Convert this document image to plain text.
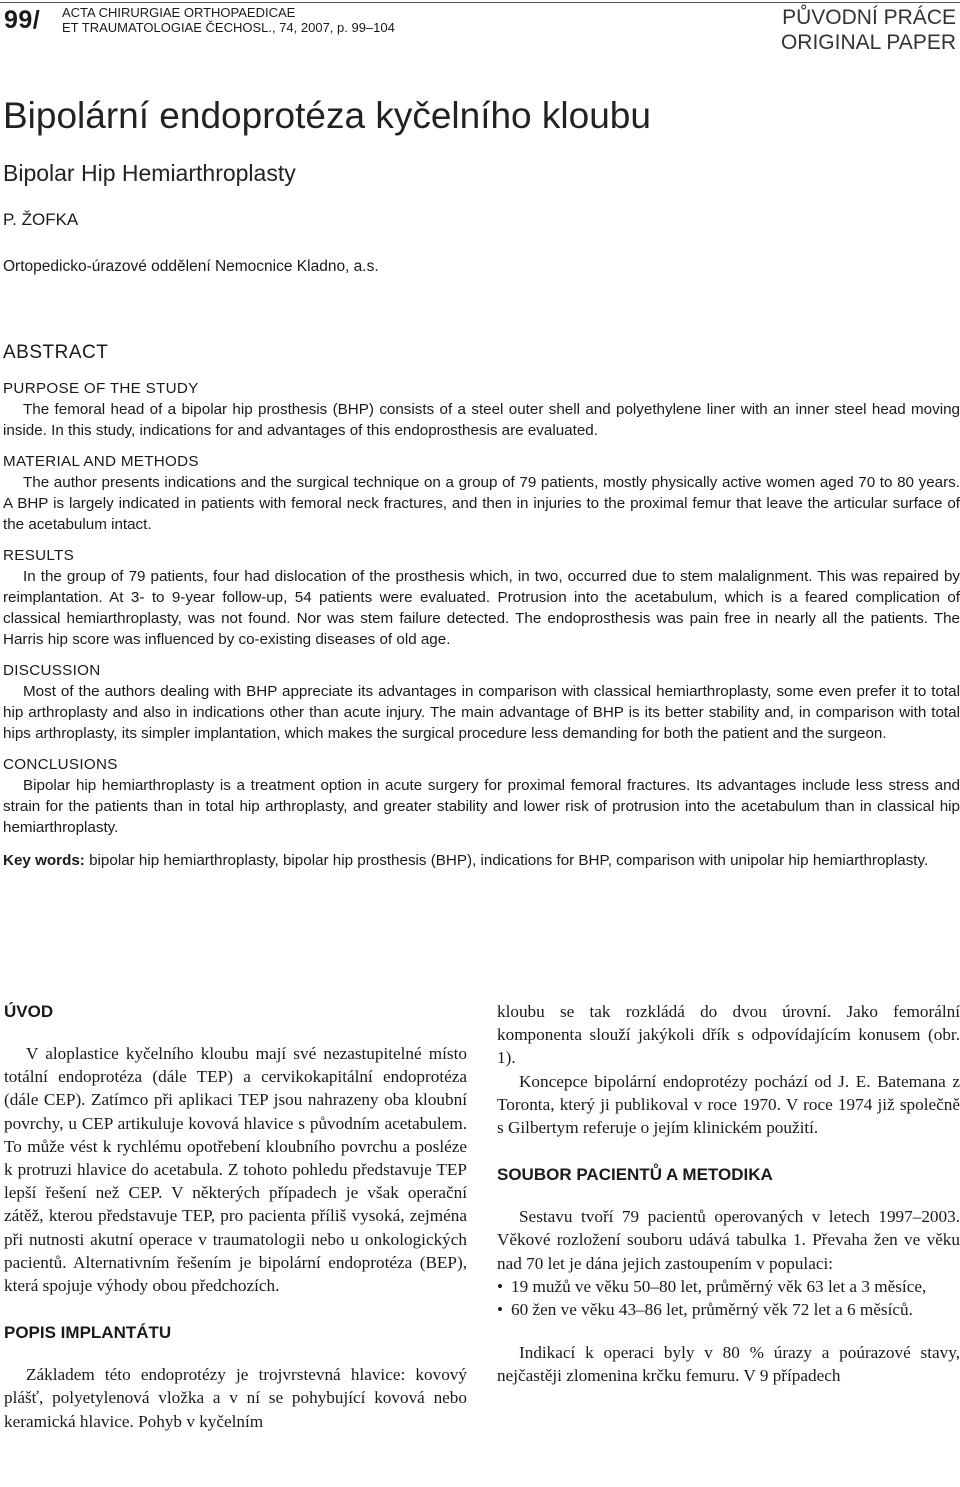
99/ ACTA CHIRURGIAE ORTHOPAEDICAE
ET TRAUMATOLOGIAE ČECHOSL., 74, 2007, p. 99–104	PŮVODNÍ PRÁCE
ORIGINAL PAPER
Bipolární endoprotéza kyčelního kloubu
Bipolar Hip Hemiarthroplasty
P. ŽOFKA
Ortopedicko-úrazové oddělení Nemocnice Kladno, a.s.
ABSTRACT
PURPOSE OF THE STUDY

The femoral head of a bipolar hip prosthesis (BHP) consists of a steel outer shell and polyethylene liner with an inner steel head moving inside. In this study, indications for and advantages of this endoprosthesis are evaluated.

MATERIAL AND METHODS

The author presents indications and the surgical technique on a group of 79 patients, mostly physically active women aged 70 to 80 years. A BHP is largely indicated in patients with femoral neck fractures, and then in injuries to the proximal femur that leave the articular surface of the acetabulum intact.

RESULTS

In the group of 79 patients, four had dislocation of the prosthesis which, in two, occurred due to stem malalignment. This was repaired by reimplantation. At 3- to 9-year follow-up, 54 patients were evaluated. Protrusion into the acetabulum, which is a feared complication of classical hemiarthroplasty, was not found. Nor was stem failure detected. The endoprosthesis was pain free in nearly all the patients. The Harris hip score was influenced by co-existing diseases of old age.

DISCUSSION

Most of the authors dealing with BHP appreciate its advantages in comparison with classical hemiarthroplasty, some even prefer it to total hip arthroplasty and also in indications other than acute injury. The main advantage of BHP is its better stability and, in comparison with total hips arthroplasty, its simpler implantation, which makes the surgical procedure less demanding for both the patient and the surgeon.

CONCLUSIONS

Bipolar hip hemiarthroplasty is a treatment option in acute surgery for proximal femoral fractures. Its advantages include less stress and strain for the patients than in total hip arthroplasty, and greater stability and lower risk of protrusion into the acetabulum than in classical hip hemiarthroplasty.

Key words: bipolar hip hemiarthroplasty, bipolar hip prosthesis (BHP), indications for BHP, comparison with unipolar hip hemiarthroplasty.

ÚVOD

V aloplastice kyčelního kloubu mají své nezastupitelné místo totální endoprotéza (dále TEP) a cervikokapitální endoprotéza (dále CEP). Zatímco při aplikaci TEP jsou nahrazeny oba kloubní povrchy, u CEP artikuluje kovová hlavice s původním acetabulem. To může vést k rychlému opotřebení kloubního povrchu a posléze k protruzi hlavice do acetabula. Z tohoto pohledu představuje TEP lepší řešení než CEP. V některých případech je však operační zátěž, kterou představuje TEP, pro pacienta příliš vysoká, zejména při nutnosti akutní operace v traumatologii nebo u onkologických pacientů. Alternativním řešením je bipolární endoprotéza (BEP), která spojuje výhody obou předchozích.

POPIS IMPLANTÁTU

Základem této endoprotézy je trojvrstevná hlavice: kovový plášť, polyetylenová vložka a v ní se pohybující kovová nebo keramická hlavice. Pohyb v kyčelním

kloubu se tak rozkládá do dvou úrovní. Jako femorální komponenta slouží jakýkoli dřík s odpovídajícím konusem (obr. 1).

Koncepce bipolární endoprotézy pochází od J. E. Batemana z Toronta, který ji publikoval v roce 1970. V roce 1974 již společně s Gilbertym referuje o jejím klinickém použití.

SOUBOR PACIENTŮ A METODIKA

Sestavu tvoří 79 pacientů operovaných v letech 1997–2003. Věkové rozložení souboru udává tabulka 1. Převaha žen ve věku nad 70 let je dána jejich zastoupením v populaci:

• 19 mužů ve věku 50–80 let, průměrný věk 63 let a 3 měsíce,
• 60 žen ve věku 43–86 let, průměrný věk 72 let a 6 měsíců.

Indikací k operaci byly v 80 % úrazy a poúrazové stavy, nejčastěji zlomenina krčku femuru. V 9 případech
